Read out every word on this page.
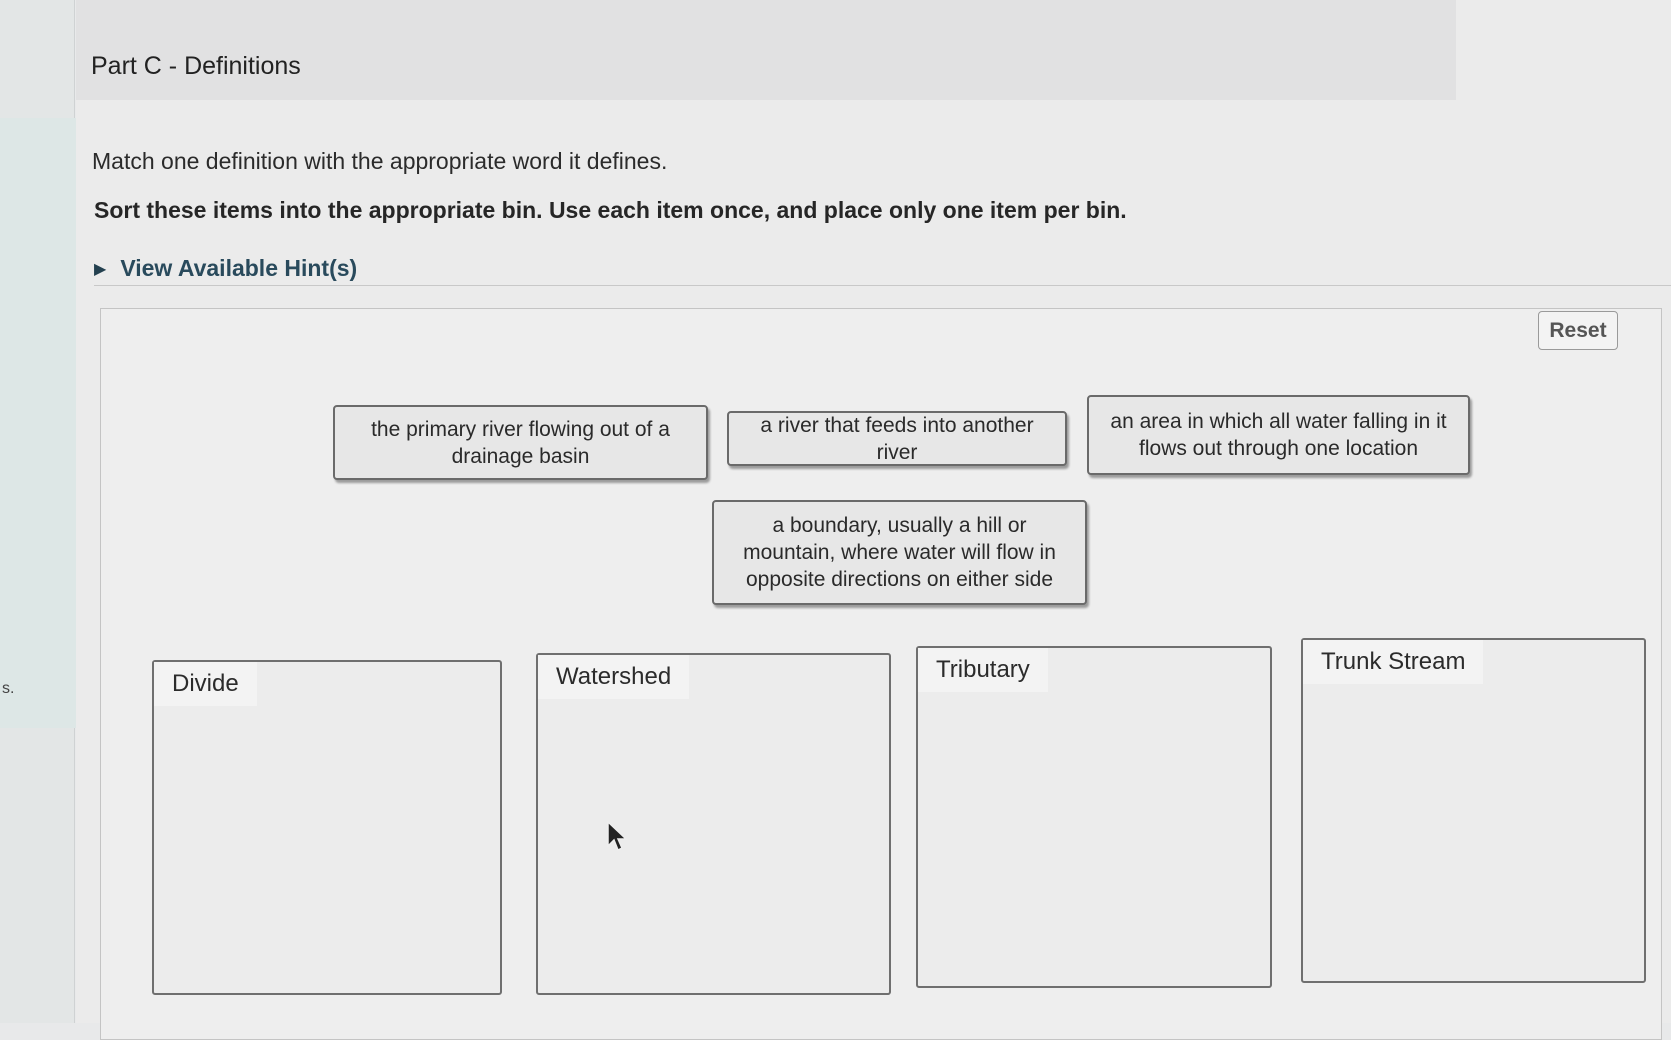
s.
Part C - Definitions
Match one definition with the appropriate word it defines.
Sort these items into the appropriate bin. Use each item once, and place only one item per bin.
▶ View Available Hint(s)
Reset
the primary river flowing out of a drainage basin
a river that feeds into another river
an area in which all water falling in it flows out through one location
a boundary, usually a hill or mountain, where water will flow in opposite directions on either side
Divide	Watershed	Tributary	Trunk Stream
